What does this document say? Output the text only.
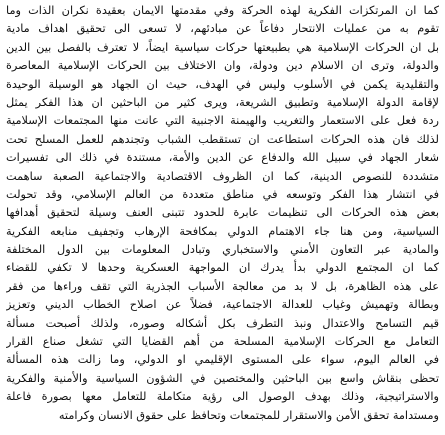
كما ان المرتكزات الفكرية لهذه الحركة وفي مقدمتها الايمان بعقيدة نكران الذات وما
تقوم به من عمليات الانتحار دفاعاً عن مبادئهم، لا تسعى الى تحقيق اهداف مادية
بل ان الحركات الإسلامية هي بطبيعتها حركات سياسية ايضاً، لا تعترف بالفصل بين الدين
والدولة، وترى ان الاسلام دين ودولة، وان الاختلاف بين الحركات الإسلامية المعاصرة
والتقليدية يكمن في الأسلوب وليس في الهدف، حيث ان الجهاد هو الوسيلة الوحيدة
لإقامة الدولة الإسلامية وتطبيق الشريعة، ويرى كثير من الباحثين ان هذا الفكر يمثل
ردة فعل على الاستعمار والتغريب والهيمنة الاجنبية التي عانت منها المجتمعات الإسلامية
لذلك فان هذه الحركات استطاعت ان تستقطب الشباب وتجندهم للعمل المسلح تحت
شعار الجهاد في سبيل الله والدفاع عن الدين والأمة، مستندة في ذلك الى تفسيرات
متشددة للنصوص الدينية، كما ان الظروف الاقتصادية والاجتماعية الصعبة ساهمت
في انتشار هذا الفكر وتوسعه في مناطق متعددة من العالم الإسلامي، وقد تحولت
بعض هذه الحركات الى تنظيمات عابرة للحدود تتبنى العنف وسيلة لتحقيق أهدافها
السياسية، ومن هنا جاء الاهتمام الدولي بمكافحة الإرهاب وتجفيف منابعه الفكرية
والمادية عبر التعاون الأمني والاستخباري وتبادل المعلومات بين الدول المختلفة
كما ان المجتمع الدولي بدأ يدرك ان المواجهة العسكرية وحدها لا تكفي للقضاء
على هذه الظاهرة، بل لا بد من معالجة الأسباب الجذرية التي تقف وراءها من فقر
وبطالة وتهميش وغياب للعدالة الاجتماعية، فضلاً عن اصلاح الخطاب الديني وتعزيز
قيم التسامح والاعتدال ونبذ التطرف بكل أشكاله وصوره، ولذلك أصبحت مسألة
التعامل مع الحركات الإسلامية المسلحة من أهم القضايا التي تشغل صناع القرار
في العالم اليوم، سواء على المستوى الإقليمي او الدولي، وما زالت هذه المسألة
تحظى بنقاش واسع بين الباحثين والمختصين في الشؤون السياسية والأمنية والفكرية
والاستراتيجية، وذلك بهدف الوصول الى رؤية متكاملة للتعامل معها بصورة فاعلة
ومستدامة تحقق الأمن والاستقرار للمجتمعات وتحافظ على حقوق الانسان وكرامته
